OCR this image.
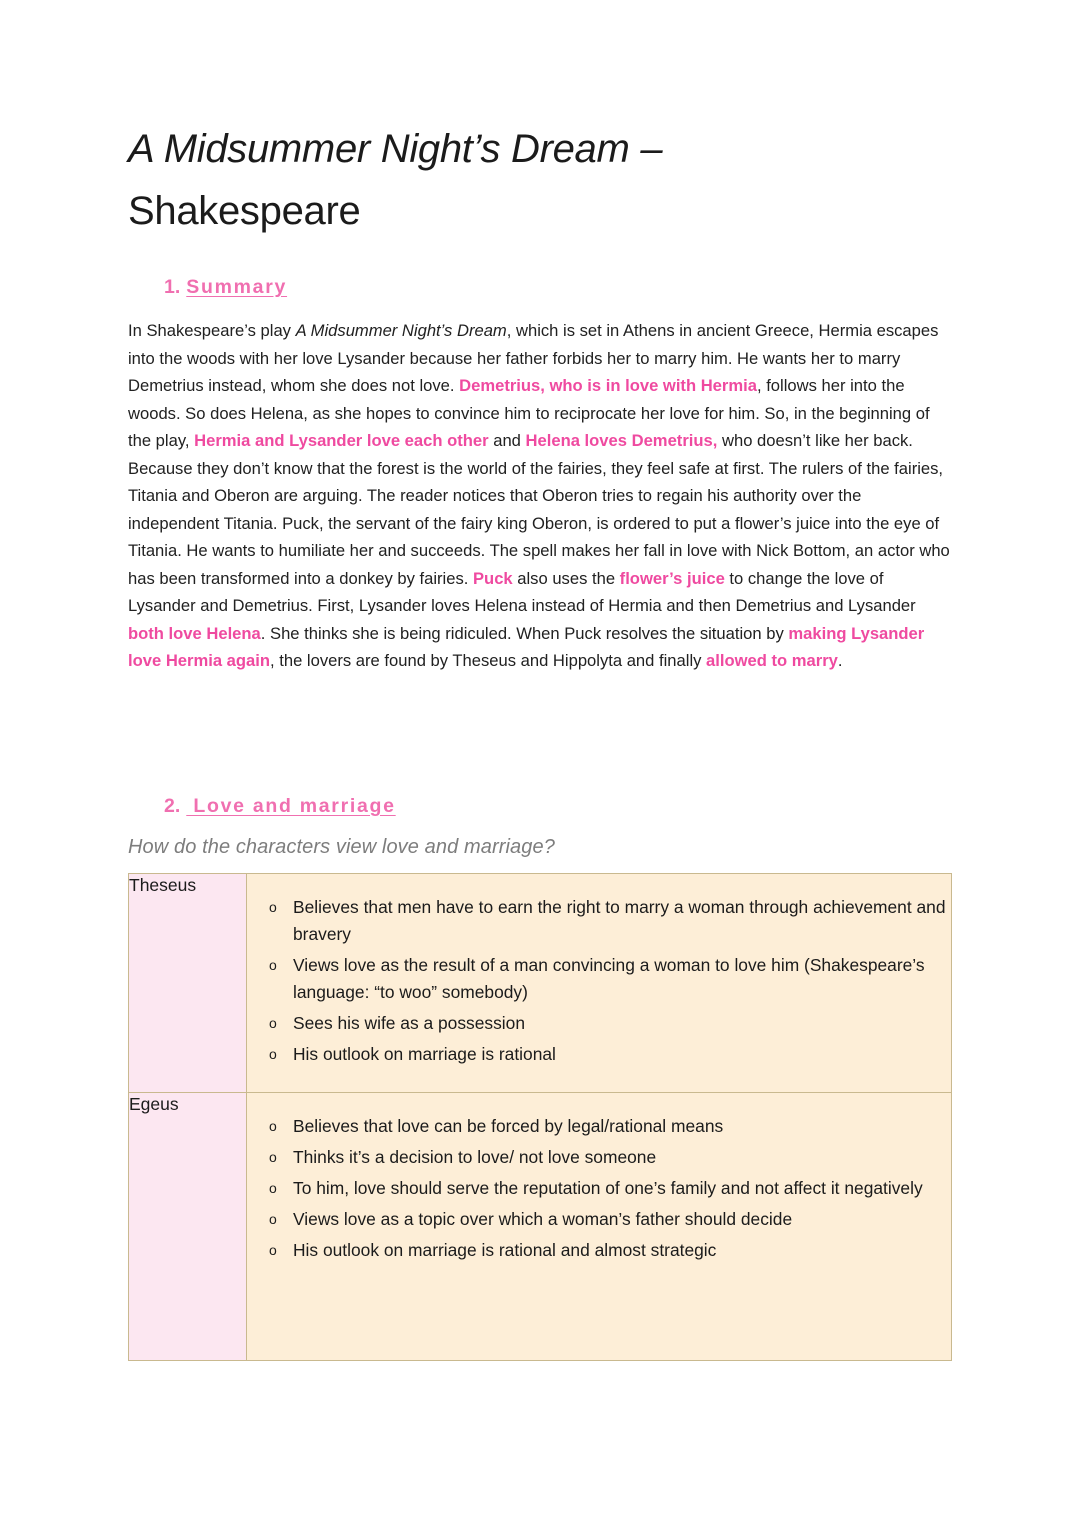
A Midsummer Night’s Dream –
Shakespeare
1. Summary

In Shakespeare’s play A Midsummer Night’s Dream, which is set in Athens in ancient Greece, Hermia escapes into the woods with her love Lysander because her father forbids her to marry him. He wants her to marry Demetrius instead, whom she does not love. Demetrius, who is in love with Hermia, follows her into the woods. So does Helena, as she hopes to convince him to reciprocate her love for him. So, in the beginning of the play, Hermia and Lysander love each other and Helena loves Demetrius, who doesn’t like her back. Because they don’t know that the forest is the world of the fairies, they feel safe at first. The rulers of the fairies, Titania and Oberon are arguing. The reader notices that Oberon tries to regain his authority over the independent Titania. Puck, the servant of the fairy king Oberon, is ordered to put a flower’s juice into the eye of Titania. He wants to humiliate her and succeeds. The spell makes her fall in love with Nick Bottom, an actor who has been transformed into a donkey by fairies. Puck also uses the flower’s juice to change the love of Lysander and Demetrius. First, Lysander loves Helena instead of Hermia and then Demetrius and Lysander both love Helena. She thinks she is being ridiculed. When Puck resolves the situation by making Lysander love Hermia again, the lovers are found by Theseus and Hippolyta and finally allowed to marry.

2. Love and marriage

How do the characters view love and marriage?

Theseus	
o Believes that men have to earn the right to marry a woman through achievement and bravery
o Views love as the result of a man convincing a woman to love him (Shakespeare’s language: “to woo” somebody)
o Sees his wife as a possession
o His outlook on marriage is rational

Egeus	
o Believes that love can be forced by legal/rational means
o Thinks it’s a decision to love/ not love someone
o To him, love should serve the reputation of one’s family and not affect it negatively
o Views love as a topic over which a woman’s father should decide
o His outlook on marriage is rational and almost strategic
